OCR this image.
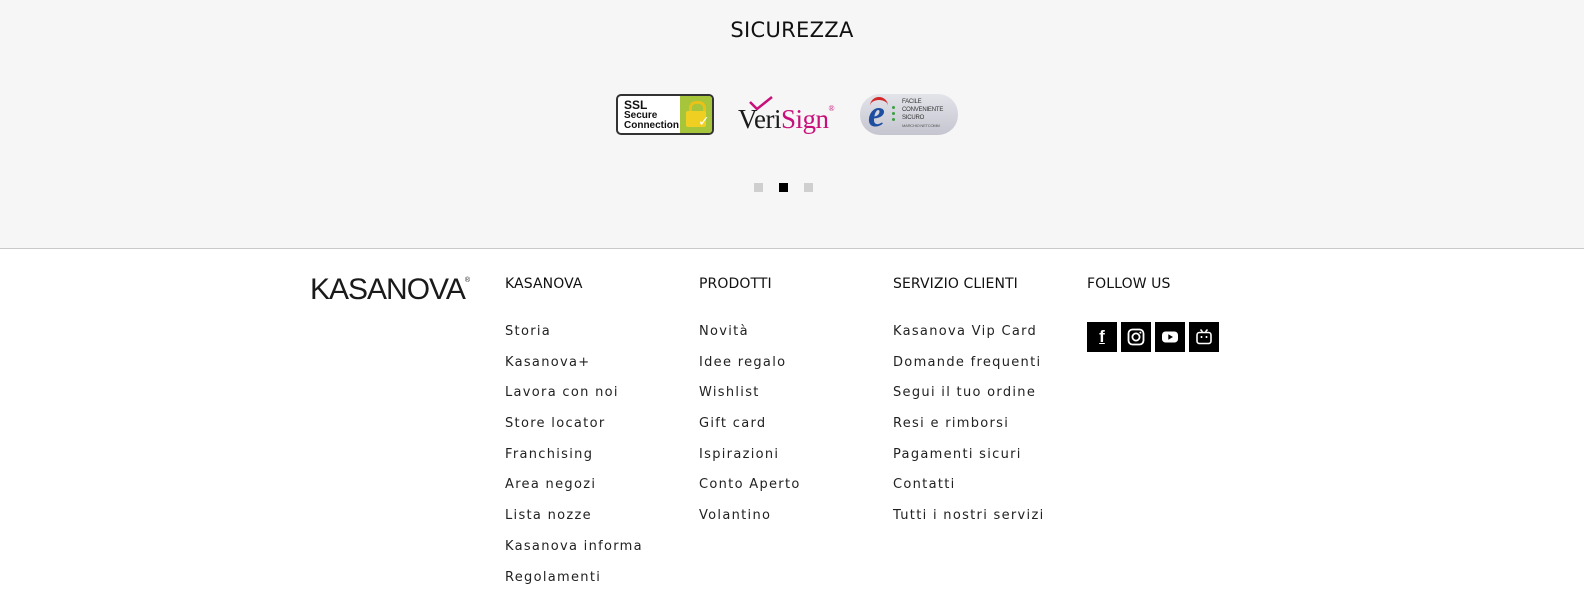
SICUREZZA
SSL
Secure
Connection ✓ VeriSign® e	FACILE
CONVENIENTE
SICURO
MARCHIO NETCOMM
KASANOVA® KASANOVA
Storia
Kasanova+
Lavora con noi
Store locator
Franchising
Area negozi
Lista nozze
Kasanova informa
Regolamenti
PRODOTTI
Novità
Idee regalo
Wishlist
Gift card
Ispirazioni
Conto Aperto
Volantino
SERVIZIO CLIENTI
Kasanova Vip Card
Domande frequenti
Segui il tuo ordine
Resi e rimborsi
Pagamenti sicuri
Contatti
Tutti i nostri servizi
FOLLOW US
f
